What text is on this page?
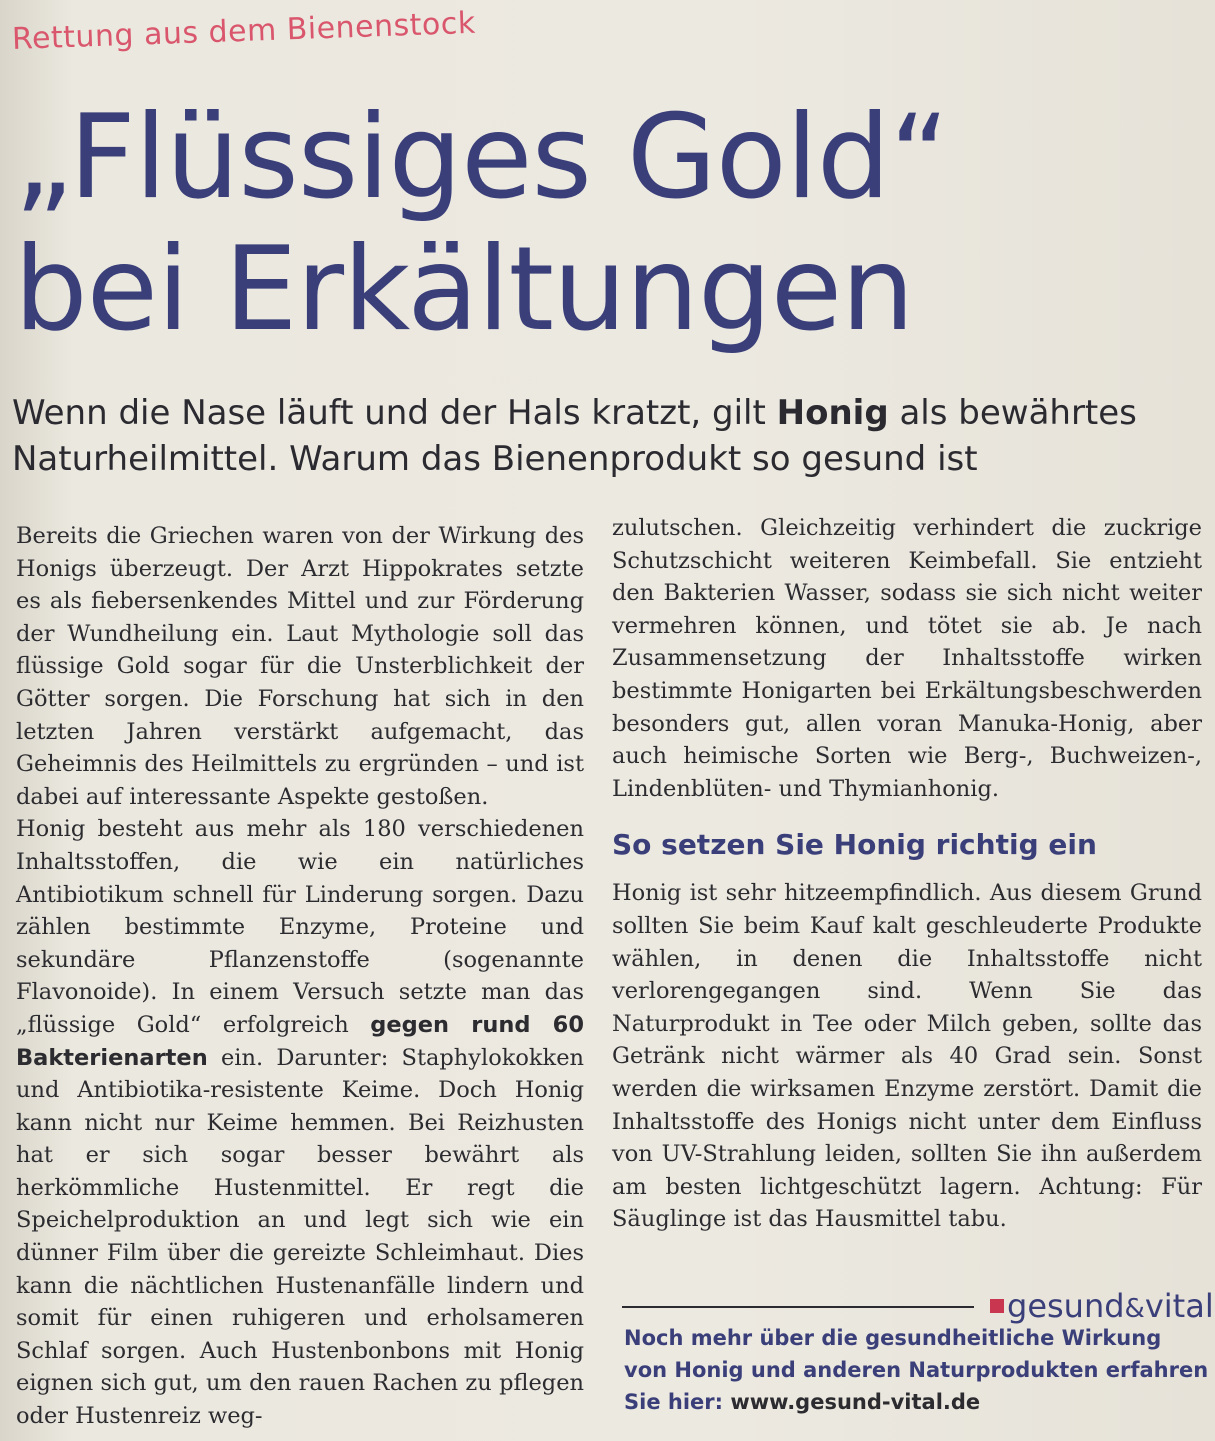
Rettung aus dem Bienenstock
„Flüssiges Gold“
bei Erkältungen

Wenn die Nase läuft und der Hals kratzt, gilt Honig als bewährtes Naturheilmittel. Warum das Bienenprodukt so gesund ist

Bereits die Griechen waren von der Wirkung des Honigs überzeugt. Der Arzt Hippokrates setzte es als fiebersenkendes Mittel und zur Förderung der Wundheilung ein. Laut Mythologie soll das flüssige Gold sogar für die Unsterblichkeit der Götter sorgen. Die Forschung hat sich in den letzten Jahren verstärkt aufgemacht, das Geheimnis des Heilmittels zu ergründen – und ist dabei auf interessante Aspekte gestoßen.

Honig besteht aus mehr als 180 verschiedenen Inhaltsstoffen, die wie ein natürliches Antibiotikum schnell für Linderung sorgen. Dazu zählen bestimmte Enzyme, Proteine und sekundäre Pflanzenstoffe (sogenannte Flavonoide). In einem Versuch setzte man das „flüssige Gold“ erfolgreich gegen rund 60 Bakterienarten ein. Darunter: Staphylokokken und Antibiotika-resistente Keime. Doch Honig kann nicht nur Keime hemmen. Bei Reizhusten hat er sich sogar besser bewährt als herkömmliche Hustenmittel. Er regt die Speichelproduktion an und legt sich wie ein dünner Film über die gereizte Schleimhaut. Dies kann die nächtlichen Hustenanfälle lindern und somit für einen ruhigeren und erholsameren Schlaf sorgen. Auch Hustenbonbons mit Honig eignen sich gut, um den rauen Rachen zu pflegen oder Hustenreiz weg-

zulutschen. Gleichzeitig verhindert die zuckrige Schutzschicht weiteren Keimbefall. Sie entzieht den Bakterien Wasser, sodass sie sich nicht weiter vermehren können, und tötet sie ab. Je nach Zusammensetzung der Inhaltsstoffe wirken bestimmte Honigarten bei Erkältungsbeschwerden besonders gut, allen voran Manuka-Honig, aber auch heimische Sorten wie Berg-, Buchweizen-, Lindenblüten- und Thymianhonig.

So setzen Sie Honig richtig ein

Honig ist sehr hitzeempfindlich. Aus diesem Grund sollten Sie beim Kauf kalt geschleuderte Produkte wählen, in denen die Inhaltsstoffe nicht verlorengegangen sind. Wenn Sie das Naturprodukt in Tee oder Milch geben, sollte das Getränk nicht wärmer als 40 Grad sein. Sonst werden die wirksamen Enzyme zerstört. Damit die Inhaltsstoffe des Honigs nicht unter dem Einfluss von UV-Strahlung leiden, sollten Sie ihn außerdem am besten lichtgeschützt lagern. Achtung: Für Säuglinge ist das Hausmittel tabu.

gesund&vital

Noch mehr über die gesundheitliche Wirkung von Honig und anderen Naturprodukten erfahren Sie hier: www.gesund-vital.de
